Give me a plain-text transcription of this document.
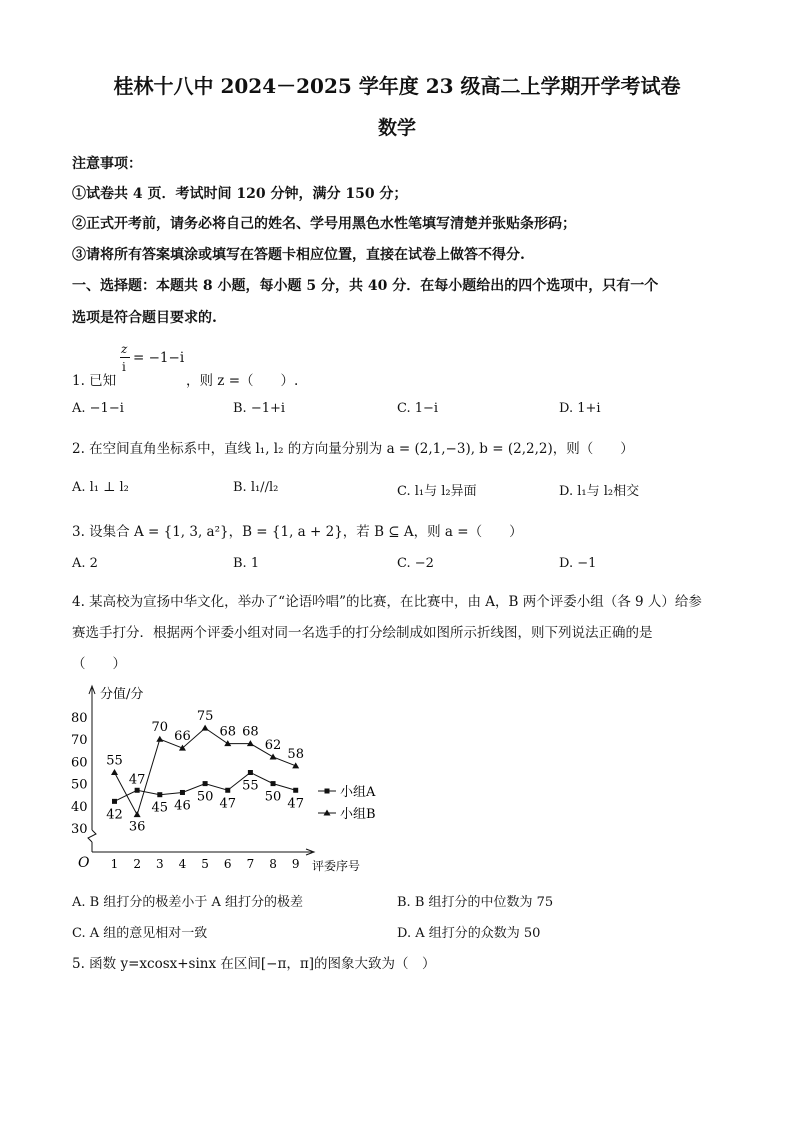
桂林十八中 2024－2025 学年度 23 级高二上学期开学考试卷
数学
注意事项：
①试卷共 4 页．考试时间 120 分钟，满分 150 分；
②正式开考前，请务必将自己的姓名、学号用黑色水性笔填写清楚并张贴条形码；
③请将所有答案填涂或填写在答题卡相应位置，直接在试卷上做答不得分.
一、选择题：本题共 8 小题，每小题 5 分，共 40 分．在每小题给出的四个选项中，只有一个
选项是符合题目要求的.
z
i
= −1−i
1. 已知	，则 z =（　　）.
A. −1−i	B. −1+i	C. 1−i	D. 1+i
2. 在空间直角坐标系中，直线 l₁, l₂ 的方向量分别为 a = (2,1,−3), b = (2,2,2)，则（　　）
A. l₁ ⊥ l₂	B. l₁//l₂	C. l₁与 l₂异面	D. l₁与 l₂相交
3. 设集合 A = {1, 3, a²}，B = {1, a + 2}，若 B ⊆ A，则 a =（　　）
A. 2	B. 1	C. −2	D. −1
4. 某高校为宣扬中华文化，举办了“论语吟唱”的比赛，在比赛中，由 A，B 两个评委小组（各 9 人）给参
赛选手打分．根据两个评委小组对同一名选手的打分绘制成如图所示折线图，则下列说法正确的是
（　　）
分值/分
评委序号
O
30
40
50
60
70
80
1 2 3 4 5 6 7 8 9
42
55
47
36
45
70
46
66
50
75
47
68
55
68
50
62
47
58
小组A
小组B
A. B 组打分的极差小于 A 组打分的极差	B. B 组打分的中位数为 75
C. A 组的意见相对一致	D. A 组打分的众数为 50
5. 函数 y=xcosx+sinx 在区间[−π，π]的图象大致为（　）
